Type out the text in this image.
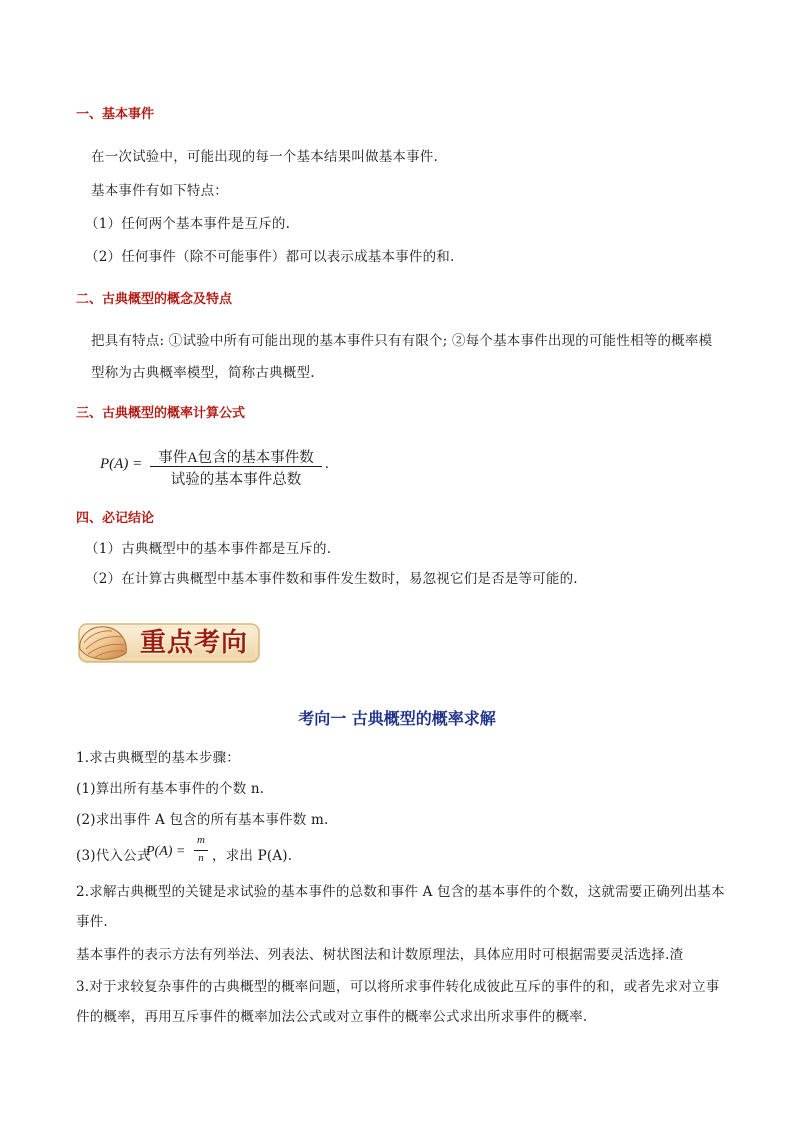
一、基本事件
在一次试验中，可能出现的每一个基本结果叫做基本事件.
基本事件有如下特点：
（1）任何两个基本事件是互斥的.
（2）任何事件（除不可能事件）都可以表示成基本事件的和.
二、古典概型的概念及特点
把具有特点: ①试验中所有可能出现的基本事件只有有限个; ②每个基本事件出现的可能性相等的概率模
型称为古典概率模型，简称古典概型.
三、古典概型的概率计算公式
P(A) =	事件A包含的基本事件数
试验的基本事件总数
.
四、必记结论
（1）古典概型中的基本事件都是互斥的.
（2）在计算古典概型中基本事件数和事件发生数时，易忽视它们是否是等可能的.
重点考向
考向一 古典概型的概率求解
1.求古典概型的基本步骤：
(1)算出所有基本事件的个数 n.
(2)求出事件 A 包含的所有基本事件数 m.
(3)代入公式
P(A) =
m
n ，求出 P(A).
2.求解古典概型的关键是求试验的基本事件的总数和事件 A 包含的基本事件的个数，这就需要正确列出基本
事件.
基本事件的表示方法有列举法、列表法、树状图法和计数原理法，具体应用时可根据需要灵活选择.渣
3.对于求较复杂事件的古典概型的概率问题，可以将所求事件转化成彼此互斥的事件的和，或者先求对立事
件的概率，再用互斥事件的概率加法公式或对立事件的概率公式求出所求事件的概率.
